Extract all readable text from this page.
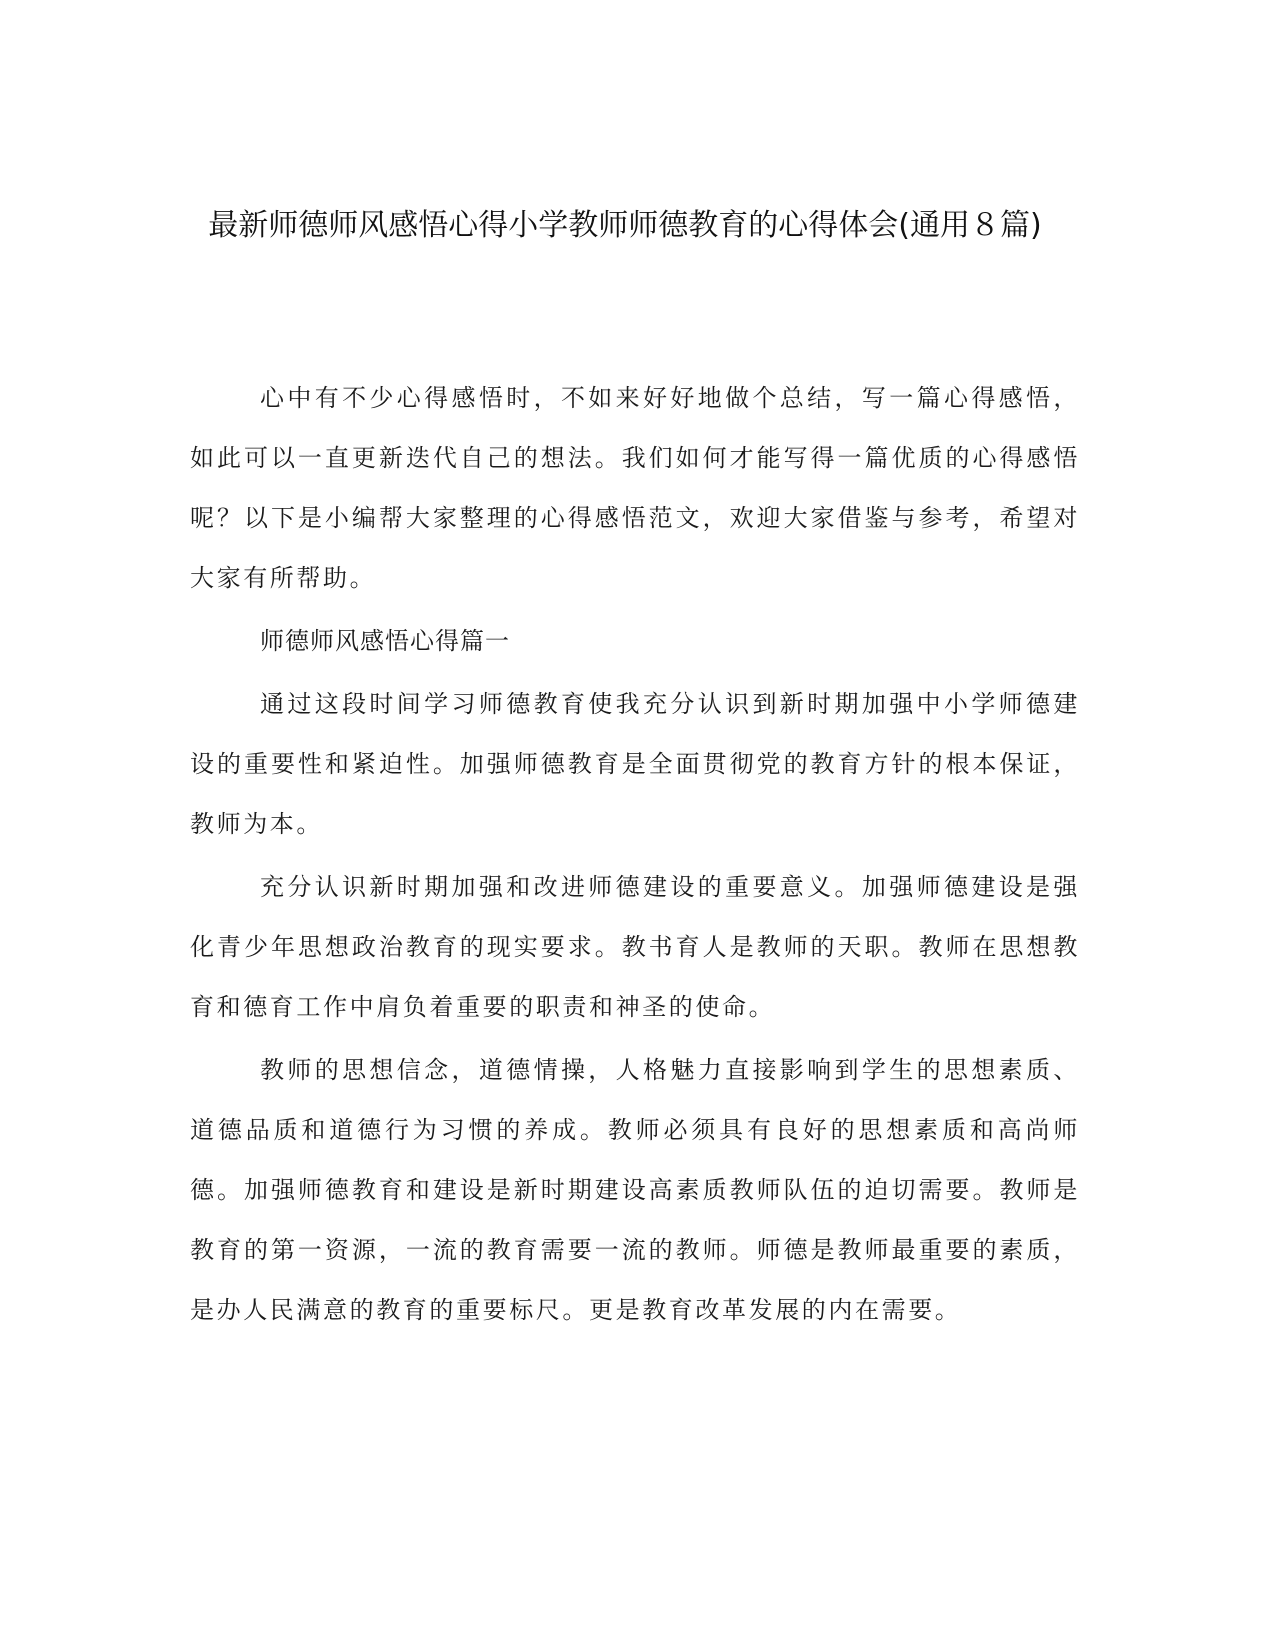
最新师德师风感悟心得小学教师师德教育的心得体会(通用８篇)

心中有不少心得感悟时，不如来好好地做个总结，写一篇心得感悟，如此可以一直更新迭代自己的想法。我们如何才能写得一篇优质的心得感悟呢？以下是小编帮大家整理的心得感悟范文，欢迎大家借鉴与参考，希望对大家有所帮助。

师德师风感悟心得篇一

通过这段时间学习师德教育使我充分认识到新时期加强中小学师德建设的重要性和紧迫性。加强师德教育是全面贯彻党的教育方针的根本保证，教师为本。

充分认识新时期加强和改进师德建设的重要意义。加强师德建设是强化青少年思想政治教育的现实要求。教书育人是教师的天职。教师在思想教育和德育工作中肩负着重要的职责和神圣的使命。

教师的思想信念，道德情操，人格魅力直接影响到学生的思想素质、道德品质和道德行为习惯的养成。教师必须具有良好的思想素质和高尚师德。加强师德教育和建设是新时期建设高素质教师队伍的迫切需要。教师是教育的第一资源，一流的教育需要一流的教师。师德是教师最重要的素质，是办人民满意的教育的重要标尺。更是教育改革发展的内在需要。
